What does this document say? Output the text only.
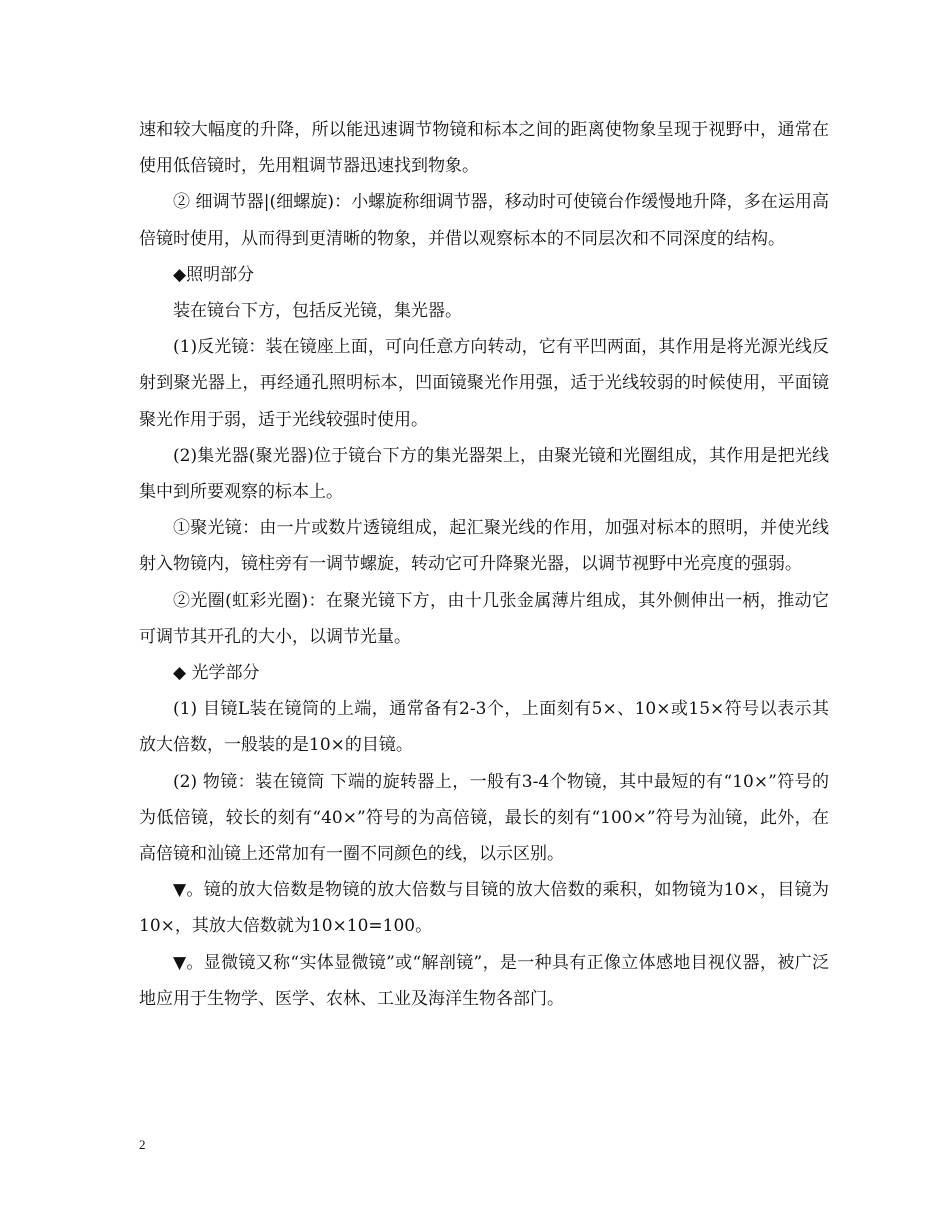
速和较大幅度的升降，所以能迅速调节物镜和标本之间的距离使物象呈现于视野中，通常在使用低倍镜时，先用粗调节器迅速找到物象。

② 细调节器|(细螺旋)：小螺旋称细调节器，移动时可使镜台作缓慢地升降，多在运用高倍镜时使用，从而得到更清晰的物象，并借以观察标本的不同层次和不同深度的结构。

◆照明部分

装在镜台下方，包括反光镜，集光器。

(1)反光镜：装在镜座上面，可向任意方向转动，它有平凹两面，其作用是将光源光线反射到聚光器上，再经通孔照明标本，凹面镜聚光作用强，适于光线较弱的时候使用，平面镜聚光作用于弱，适于光线较强时使用。

(2)集光器(聚光器)位于镜台下方的集光器架上，由聚光镜和光圈组成，其作用是把光线集中到所要观察的标本上。

①聚光镜：由一片或数片透镜组成，起汇聚光线的作用，加强对标本的照明，并使光线射入物镜内，镜柱旁有一调节螺旋，转动它可升降聚光器，以调节视野中光亮度的强弱。

②光圈(虹彩光圈)：在聚光镜下方，由十几张金属薄片组成，其外侧伸出一柄，推动它可调节其开孔的大小，以调节光量。

◆ 光学部分

(1) 目镜L装在镜筒的上端，通常备有2-3个，上面刻有5×、10×或15×符号以表示其放大倍数，一般装的是10×的目镜。

(2) 物镜：装在镜筒 下端的旋转器上，一般有3-4个物镜，其中最短的有“10×”符号的为低倍镜，较长的刻有“40×”符号的为高倍镜，最长的刻有“100×”符号为汕镜，此外，在高倍镜和汕镜上还常加有一圈不同颜色的线，以示区别。

▼。镜的放大倍数是物镜的放大倍数与目镜的放大倍数的乘积，如物镜为10×，目镜为10×，其放大倍数就为10×10=100。

▼。显微镜又称“实体显微镜”或“解剖镜”，是一种具有正像立体感地目视仪器，被广泛地应用于生物学、医学、农林、工业及海洋生物各部门。

2
